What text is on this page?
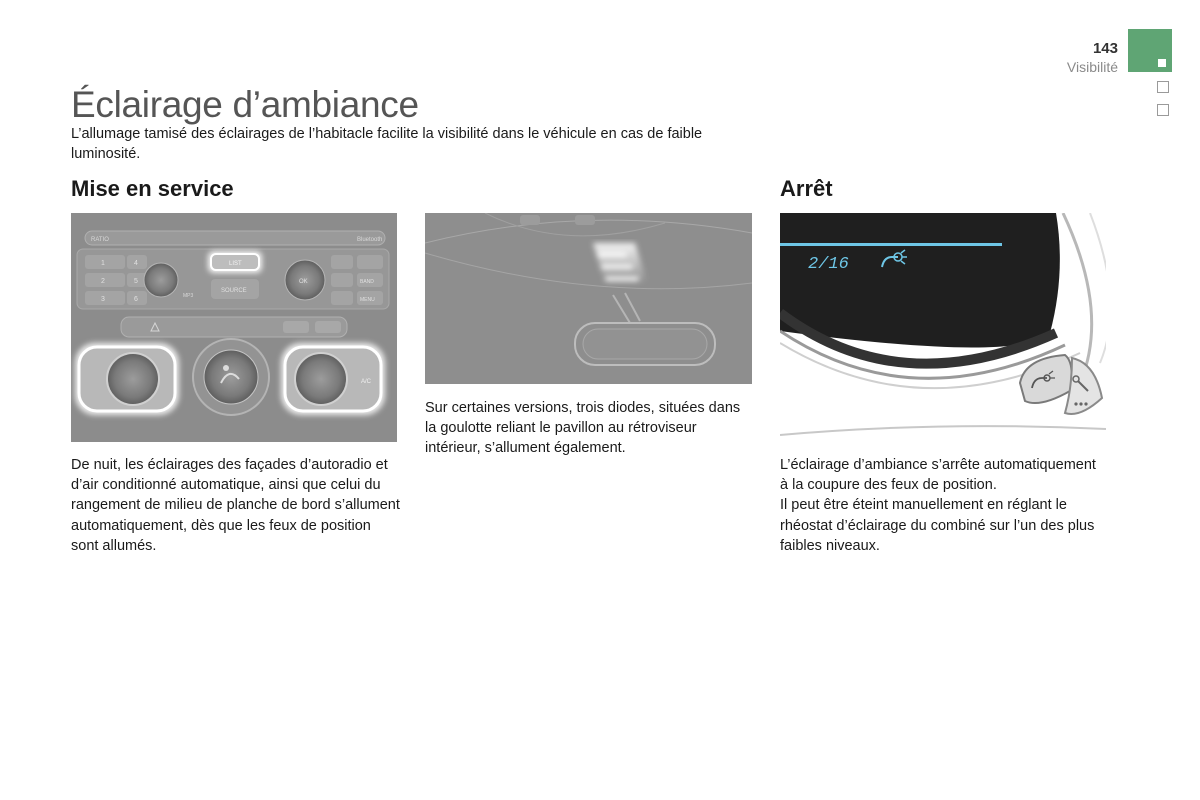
143
Visibilité
Éclairage d’ambiance

L’allumage tamisé des éclairages de l’habitacle facilite la visibilité dans le véhicule en cas de faible luminosité.

Mise en service
RATIO	Bluetooth
1
2
3
4
5
6	MP3
LIST
SOURCE
OK	BAND
MENU
A/C

De nuit, les éclairages des façades d’autoradio et d’air conditionné automatique, ainsi que celui du rangement de milieu de planche de bord s’allument automatiquement, dès que les feux de position sont allumés.

Sur certaines versions, trois diodes, situées dans la goulotte reliant le pavillon au rétroviseur intérieur, s’allument également.

Arrêt
2/16

L’éclairage d’ambiance s’arrête automatiquement à la coupure des feux de position.

Il peut être éteint manuellement en réglant le rhéostat d’éclairage du combiné sur l’un des plus faibles niveaux.
